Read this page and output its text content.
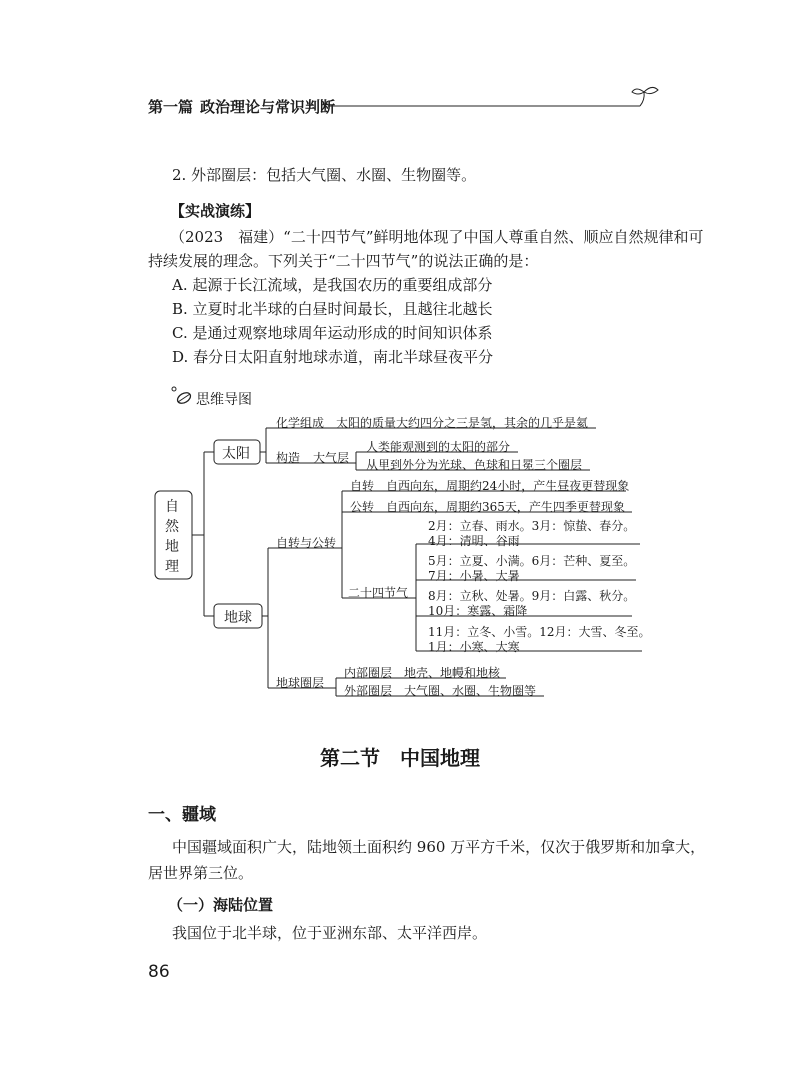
第一篇 政治理论与常识判断
2. 外部圈层：包括大气圈、水圈、生物圈等。
【实战演练】
（2023　福建）“二十四节气”鲜明地体现了中国人尊重自然、顺应自然规律和可
持续发展的理念。下列关于“二十四节气”的说法正确的是：
A. 起源于长江流域，是我国农历的重要组成部分
B. 立夏时北半球的白昼时间最长，且越往北越长
C. 是通过观察地球周年运动形成的时间知识体系
D. 春分日太阳直射地球赤道，南北半球昼夜平分
思维导图
自
然
地
理
太阳
化学组成 太阳的质量大约四分之三是氢，其余的几乎是氦
构造 大气层
人类能观测到的太阳的部分
从里到外分为光球、色球和日冕三个圈层
地球
自转与公转
自转　自西向东，周期约24小时，产生昼夜更替现象
公转　自西向东，周期约365天，产生四季更替现象
二十四节气
2月：立春、雨水。3月：惊蛰、春分。
4月：清明、谷雨
5月：立夏、小满。6月：芒种、夏至。
7月：小暑、大暑
8月：立秋、处暑。9月：白露、秋分。
10月：寒露、霜降
11月：立冬、小雪。12月：大雪、冬至。
1月：小寒、大寒
地球圈层
内部圈层　地壳、地幔和地核
外部圈层　大气圈、水圈、生物圈等
第二节　中国地理
一、疆域
中国疆域面积广大，陆地领土面积约 960 万平方千米，仅次于俄罗斯和加拿大，
居世界第三位。
（一）海陆位置
我国位于北半球，位于亚洲东部、太平洋西岸。
86
